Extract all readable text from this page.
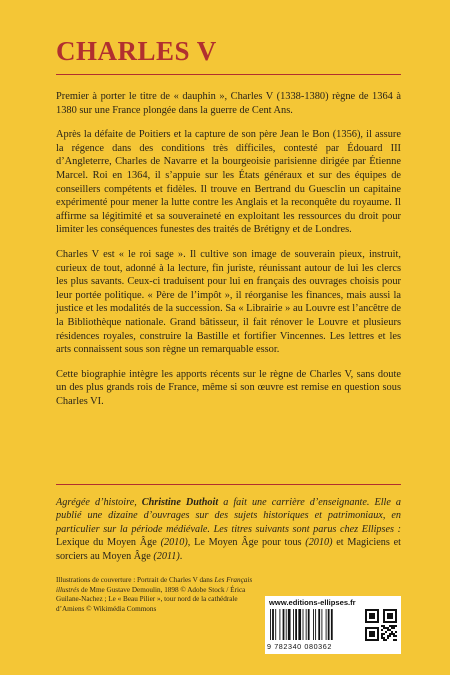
CHARLES V

Premier à porter le titre de « dauphin », Charles V (1338-1380) règne de 1364 à 1380 sur une France plongée dans la guerre de Cent Ans.

Après la défaite de Poitiers et la capture de son père Jean le Bon (1356), il assure la régence dans des conditions très difficiles, contesté par Édouard III d’Angleterre, Charles de Navarre et la bourgeoisie parisienne dirigée par Étienne Marcel. Roi en 1364, il s’appuie sur les États généraux et sur des équipes de conseillers compétents et fidèles. Il trouve en Bertrand du Guesclin un capitaine expérimenté pour mener la lutte contre les Anglais et la reconquête du royaume. Il affirme sa légitimité et sa souveraineté en exploitant les ressources du droit pour limiter les conséquences funestes des traités de Brétigny et de Londres.

Charles V est « le roi sage ». Il cultive son image de souverain pieux, instruit, curieux de tout, adonné à la lecture, fin juriste, réunissant autour de lui les clercs les plus savants. Ceux-ci traduisent pour lui en français des ouvrages choisis pour leur portée politique. « Père de l’impôt », il réorganise les finances, mais aussi la justice et les modalités de la succession. Sa « Librairie » au Louvre est l’ancêtre de la Bibliothèque nationale. Grand bâtisseur, il fait rénover le Louvre et plusieurs résidences royales, construire la Bastille et fortifier Vincennes. Les lettres et les arts connaissent sous son règne un remarquable essor.

Cette biographie intègre les apports récents sur le règne de Charles V, sans doute un des plus grands rois de France, même si son œuvre est remise en question sous Charles VI.

Agrégée d’histoire, Christine Duthoit a fait une carrière d’enseignante. Elle a publié une dizaine d’ouvrages sur des sujets historiques et patrimoniaux, en particulier sur la période médiévale. Les titres suivants sont parus chez Ellipses : Lexique du Moyen Âge (2010), Le Moyen Âge pour tous (2010) et Magiciens et sorciers au Moyen Âge (2011).
Illustrations de couverture : Portrait de Charles V dans Les Français illustrés de Mme Gustave Demoulin, 1898 © Adobe Stock / Érica Guilane-Nachez ; Le « Beau Pilier », tour nord de la cathédrale d’Amiens © Wikimédia Commons
www.editions-ellipses.fr
9 782340 080362
